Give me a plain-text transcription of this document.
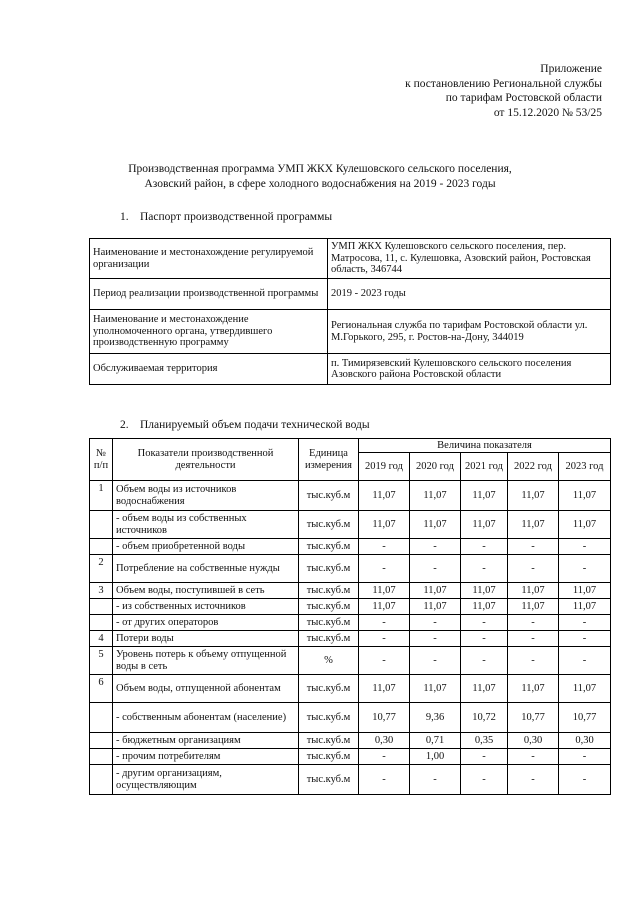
Приложение
к постановлению Региональной службы
по тарифам Ростовской области
от 15.12.2020 № 53/25
Производственная программа УМП ЖКХ Кулешовского сельского поселения,
Азовский район, в сфере холодного водоснабжения на 2019 - 2023 годы
1. Паспорт производственной программы
Наименование и местонахождение регулируемой организации	УМП ЖКХ Кулешовского сельского поселения, пер. Матросова, 11, с. Кулешовка, Азовский район, Ростовская область, 346744
Период реализации производственной программы	2019 - 2023 годы
Наименование и местонахождение уполномоченного органа, утвердившего производственную программу	Региональная служба по тарифам Ростовской области ул. М.Горького, 295, г. Ростов-на-Дону, 344019
Обслуживаемая территория	п. Тимирязевский Кулешовского сельского поселения Азовского района Ростовской области
2. Планируемый объем подачи технической воды
№ п/п	Показатели производственной деятельности	Единица измерения	Величина показателя				
			2019 год	2020 год	2021 год	2022 год	2023 год
1	Объем воды из источников водоснабжения	тыс.куб.м	11,07	11,07	11,07	11,07	11,07
	- объем воды из собственных источников	тыс.куб.м	11,07	11,07	11,07	11,07	11,07
	- объем приобретенной воды	тыс.куб.м	-	-	-	-	-
2	Потребление на собственные нужды	тыс.куб.м	-	-	-	-	-
3	Объем воды, поступившей в сеть	тыс.куб.м	11,07	11,07	11,07	11,07	11,07
	- из собственных источников	тыс.куб.м	11,07	11,07	11,07	11,07	11,07
	- от других операторов	тыс.куб.м	-	-	-	-	-
4	Потери воды	тыс.куб.м	-	-	-	-	-
5	Уровень потерь к объему отпущенной воды в сеть	%	-	-	-	-	-
6	Объем воды, отпущенной абонентам	тыс.куб.м	11,07	11,07	11,07	11,07	11,07
	- собственным абонентам (население)	тыс.куб.м	10,77	9,36	10,72	10,77	10,77
	- бюджетным организациям	тыс.куб.м	0,30	0,71	0,35	0,30	0,30
	- прочим потребителям	тыс.куб.м	-	1,00	-	-	-
	- другим организациям, осуществляющим	тыс.куб.м	-	-	-	-	-
